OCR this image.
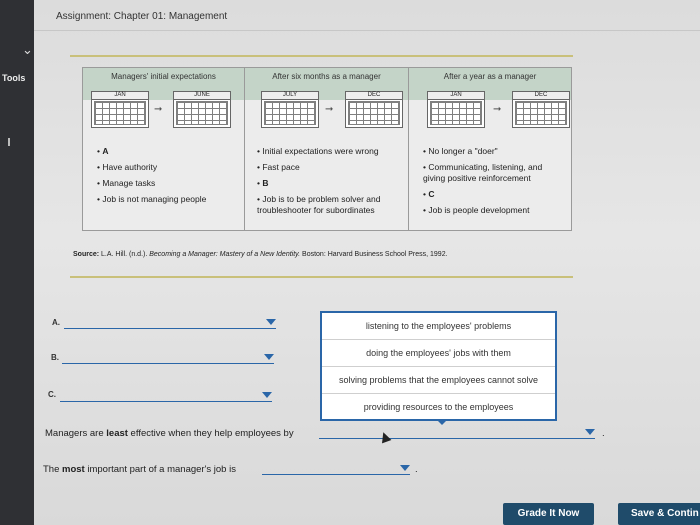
⌄
Tools
Assignment: Chapter 01: Management
Managers' initial expectations
JAN
➞
JUNE
• A
• Have authority
• Manage tasks
• Job is not managing people
After six months as a manager
JULY
➞
DEC
• Initial expectations were wrong
• Fast pace
• B
• Job is to be problem solver and troubleshooter for subordinates
After a year as a manager
JAN
➞
DEC
• No longer a "doer"
• Communicating, listening, and giving positive reinforcement
• C
• Job is people development
Source: L.A. Hill. (n.d.). Becoming a Manager: Mastery of a New Identity. Boston: Harvard Business School Press, 1992.
A.
B.
C.
listening to the employees' problems
doing the employees' jobs with them
solving problems that the employees cannot solve
providing resources to the employees
Managers are least effective when they help employees by	.
The most important part of a manager's job is	.
Grade It Now	Save & Contin
